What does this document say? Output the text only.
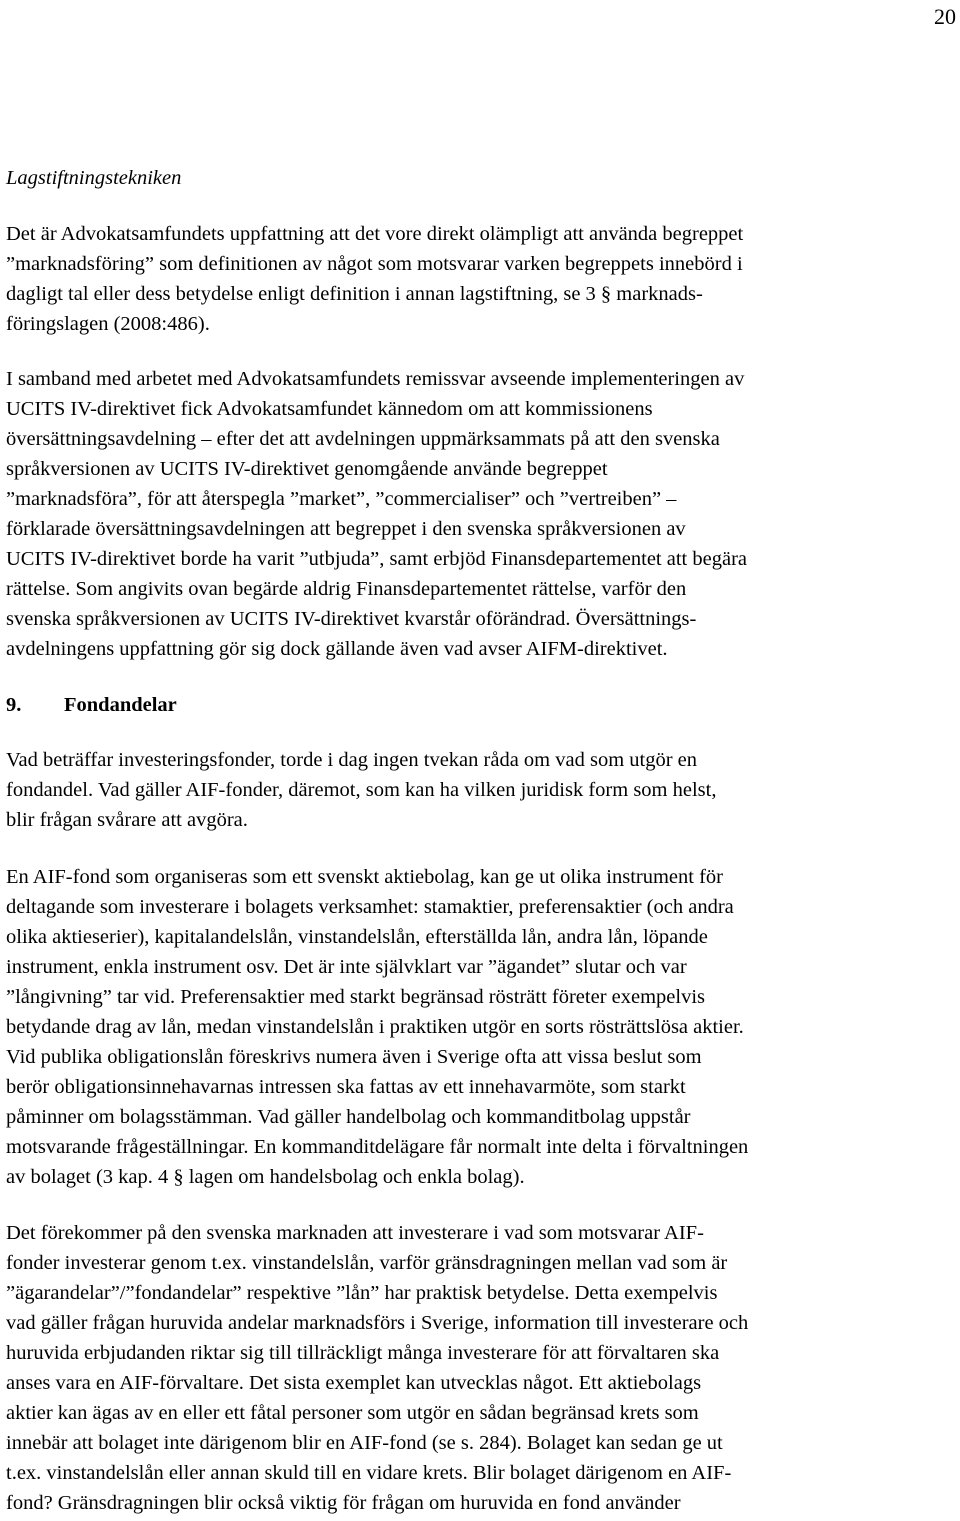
20
Lagstiftningstekniken
Det är Advokatsamfundets uppfattning att det vore direkt olämpligt att använda begreppet
”marknadsföring” som definitionen av något som motsvarar varken begreppets innebörd i
dagligt tal eller dess betydelse enligt definition i annan lagstiftning, se 3 § marknads-
föringslagen (2008:486).
I samband med arbetet med Advokatsamfundets remissvar avseende implementeringen av
UCITS IV-direktivet fick Advokatsamfundet kännedom om att kommissionens
översättningsavdelning – efter det att avdelningen uppmärksammats på att den svenska
språkversionen av UCITS IV-direktivet genomgående använde begreppet
”marknadsföra”, för att återspegla ”market”, ”commercialiser” och ”vertreiben” –
förklarade översättningsavdelningen att begreppet i den svenska språkversionen av
UCITS IV-direktivet borde ha varit ”utbjuda”, samt erbjöd Finansdepartementet att begära
rättelse. Som angivits ovan begärde aldrig Finansdepartementet rättelse, varför den
svenska språkversionen av UCITS IV-direktivet kvarstår oförändrad. Översättnings-
avdelningens uppfattning gör sig dock gällande även vad avser AIFM-direktivet.
9. Fondandelar
Vad beträffar investeringsfonder, torde i dag ingen tvekan råda om vad som utgör en
fondandel. Vad gäller AIF-fonder, däremot, som kan ha vilken juridisk form som helst,
blir frågan svårare att avgöra.
En AIF-fond som organiseras som ett svenskt aktiebolag, kan ge ut olika instrument för
deltagande som investerare i bolagets verksamhet: stamaktier, preferensaktier (och andra
olika aktieserier), kapitalandelslån, vinstandelslån, efterställda lån, andra lån, löpande
instrument, enkla instrument osv. Det är inte självklart var ”ägandet” slutar och var
”långivning” tar vid. Preferensaktier med starkt begränsad rösträtt företer exempelvis
betydande drag av lån, medan vinstandelslån i praktiken utgör en sorts rösträttslösa aktier.
Vid publika obligationslån föreskrivs numera även i Sverige ofta att vissa beslut som
berör obligationsinnehavarnas intressen ska fattas av ett innehavarmöte, som starkt
påminner om bolagsstämman. Vad gäller handelbolag och kommanditbolag uppstår
motsvarande frågeställningar. En kommanditdelägare får normalt inte delta i förvaltningen
av bolaget (3 kap. 4 § lagen om handelsbolag och enkla bolag).
Det förekommer på den svenska marknaden att investerare i vad som motsvarar AIF-
fonder investerar genom t.ex. vinstandelslån, varför gränsdragningen mellan vad som är
”ägarandelar”/”fondandelar” respektive ”lån” har praktisk betydelse. Detta exempelvis
vad gäller frågan huruvida andelar marknadsförs i Sverige, information till investerare och
huruvida erbjudanden riktar sig till tillräckligt många investerare för att förvaltaren ska
anses vara en AIF-förvaltare. Det sista exemplet kan utvecklas något. Ett aktiebolags
aktier kan ägas av en eller ett fåtal personer som utgör en sådan begränsad krets som
innebär att bolaget inte därigenom blir en AIF-fond (se s. 284). Bolaget kan sedan ge ut
t.ex. vinstandelslån eller annan skuld till en vidare krets. Blir bolaget därigenom en AIF-
fond? Gränsdragningen blir också viktig för frågan om huruvida en fond använder
